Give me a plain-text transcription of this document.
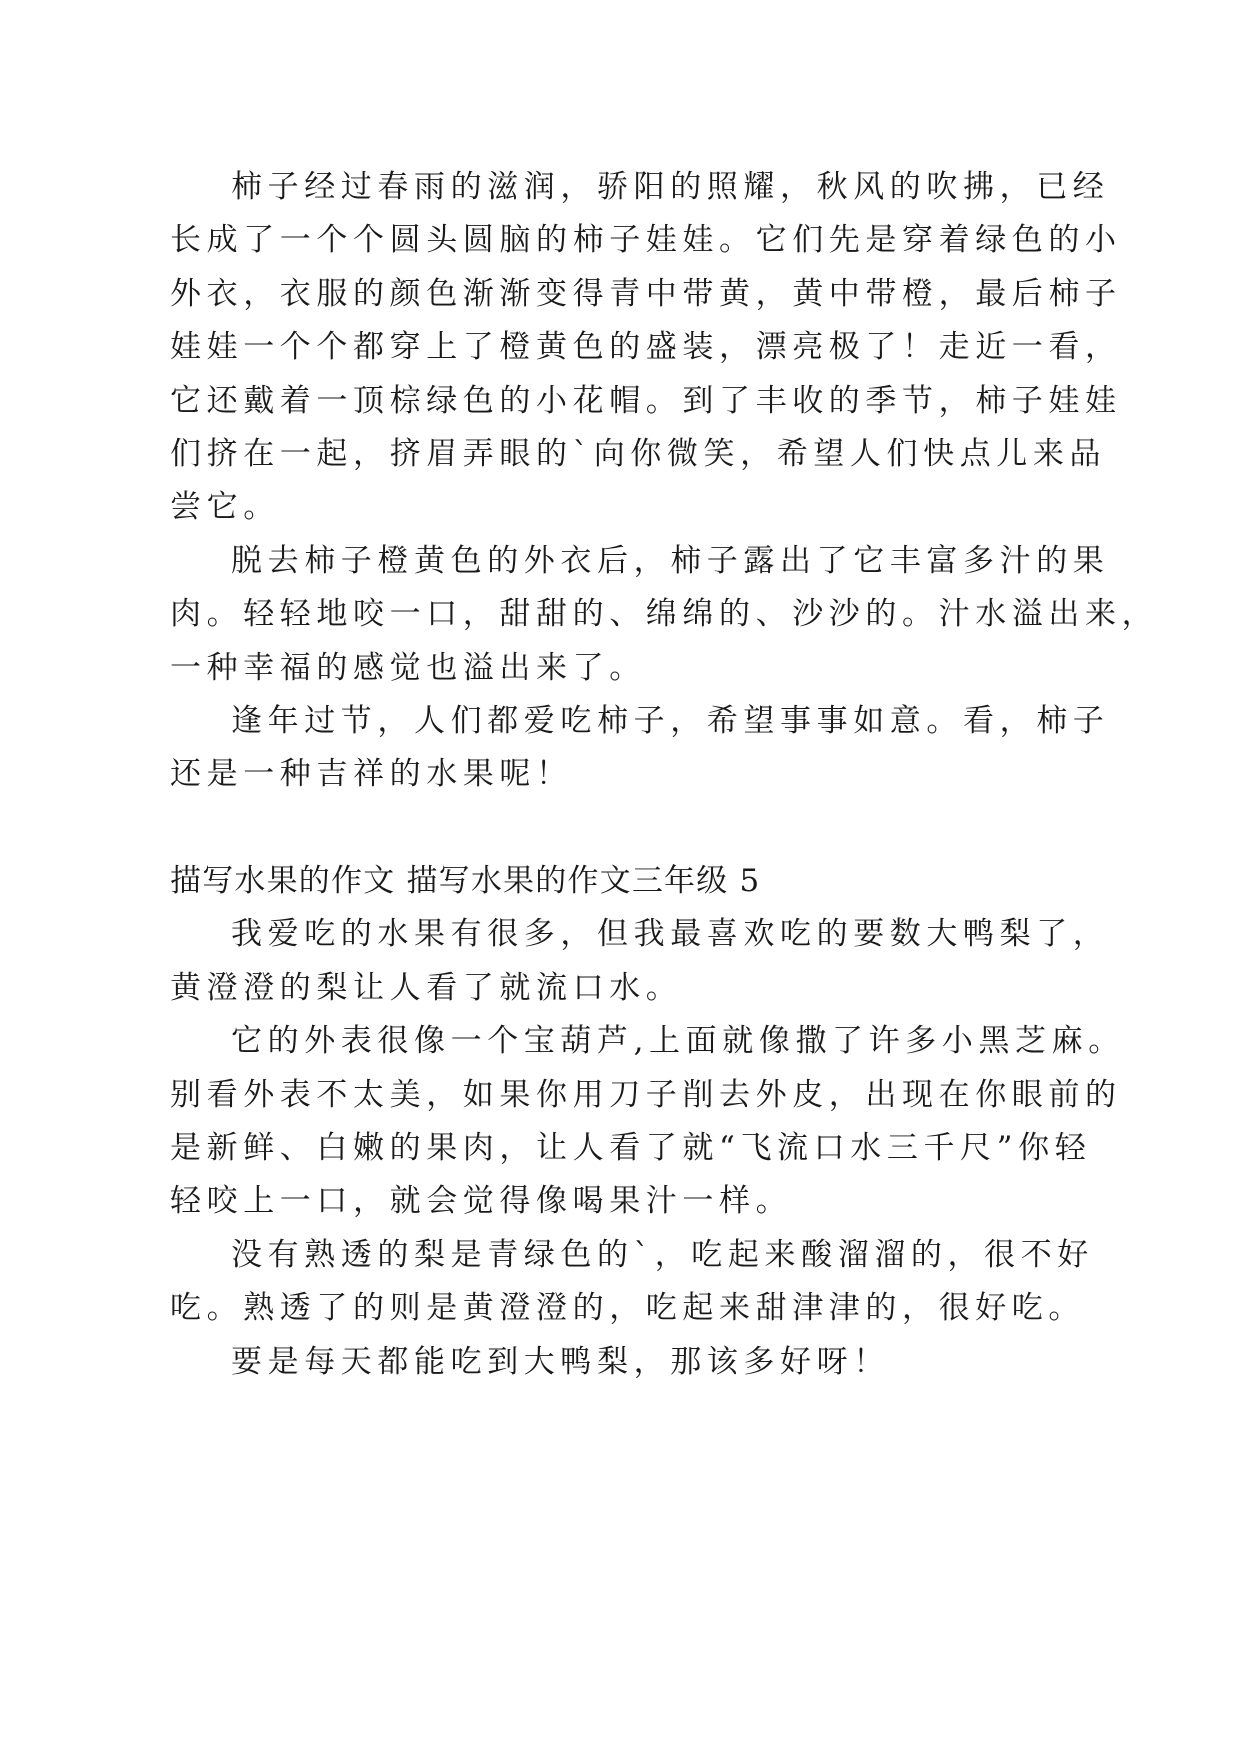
柿子经过春雨的滋润，骄阳的照耀，秋风的吹拂，已经
长成了一个个圆头圆脑的柿子娃娃。它们先是穿着绿色的小
外衣，衣服的颜色渐渐变得青中带黄，黄中带橙，最后柿子
娃娃一个个都穿上了橙黄色的盛装，漂亮极了！走近一看，
它还戴着一顶棕绿色的小花帽。到了丰收的季节，柿子娃娃
们挤在一起，挤眉弄眼的`向你微笑，希望人们快点儿来品
尝它。
脱去柿子橙黄色的外衣后，柿子露出了它丰富多汁的果
肉。轻轻地咬一口，甜甜的、绵绵的、沙沙的。汁水溢出来，
一种幸福的感觉也溢出来了。
逢年过节，人们都爱吃柿子，希望事事如意。看，柿子
还是一种吉祥的水果呢！
描写水果的作文 描写水果的作文三年级 5
我爱吃的水果有很多，但我最喜欢吃的要数大鸭梨了，
黄澄澄的梨让人看了就流口水。
它的外表很像一个宝葫芦,上面就像撒了许多小黑芝麻。
别看外表不太美，如果你用刀子削去外皮，出现在你眼前的
是新鲜、白嫩的果肉，让人看了就“飞流口水三千尺”你轻
轻咬上一口，就会觉得像喝果汁一样。
没有熟透的梨是青绿色的`，吃起来酸溜溜的，很不好
吃。熟透了的则是黄澄澄的，吃起来甜津津的，很好吃。
要是每天都能吃到大鸭梨，那该多好呀！
